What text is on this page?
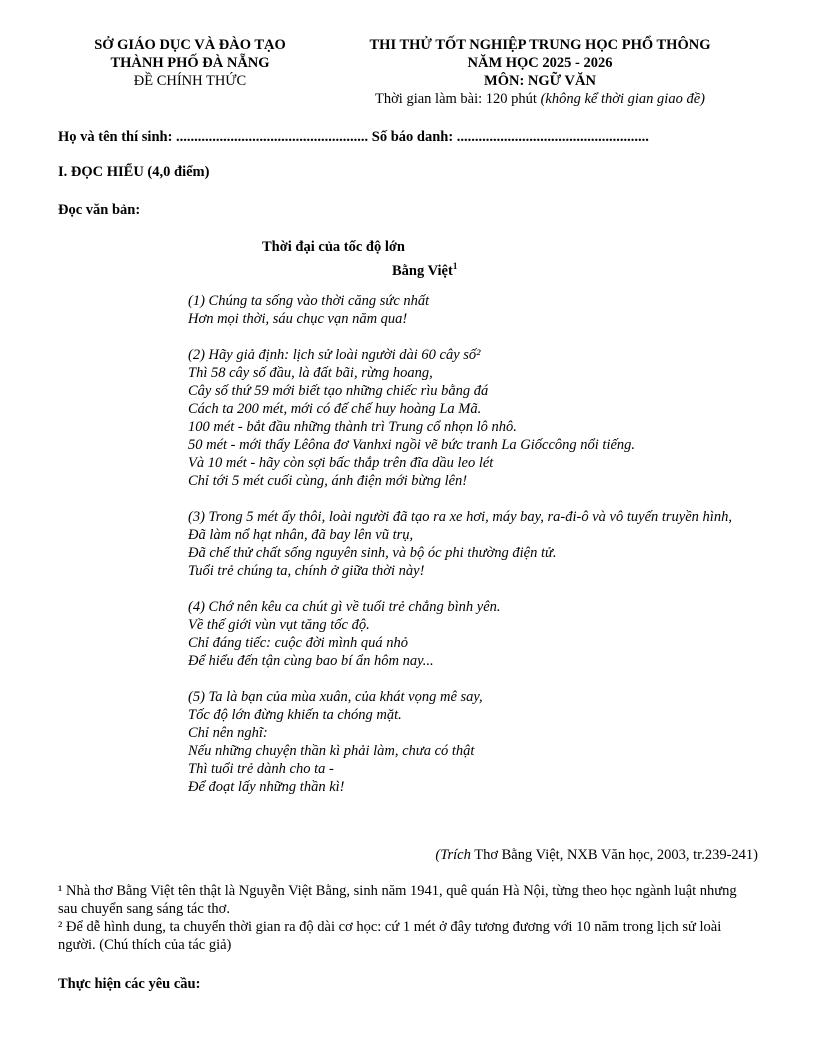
SỞ GIÁO DỤC VÀ ĐÀO TẠO
THÀNH PHỐ ĐÀ NẴNG
ĐỀ CHÍNH THỨC
THI THỬ TỐT NGHIỆP TRUNG HỌC PHỔ THÔNG
NĂM HỌC 2025 - 2026
MÔN: NGỮ VĂN
Thời gian làm bài: 120 phút (không kể thời gian giao đề)
Họ và tên thí sinh: ..................................................... Số báo danh: .....................................................
I. ĐỌC HIỂU (4,0 điểm)
Đọc văn bản:
Thời đại của tốc độ lớn
Bằng Việt$^1$
(1) Chúng ta sống vào thời căng sức nhất
Hơn mọi thời, sáu chục vạn năm qua!
(2) Hãy giả định: lịch sử loài người dài 60 cây số²
Thì 58 cây số đầu, là đất bãi, rừng hoang,
Cây số thứ 59 mới biết tạo những chiếc rìu bằng đá
Cách ta 200 mét, mới có đế chế huy hoàng La Mã.
100 mét - bắt đầu những thành trì Trung cổ nhọn lô nhô.
50 mét - mới thấy Lêôna đơ Vanhxi ngồi vẽ bức tranh La Giốccông nổi tiếng.
Và 10 mét - hãy còn sợi bấc thắp trên đĩa dầu leo lét
Chỉ tới 5 mét cuối cùng, ánh điện mới bừng lên!
(3) Trong 5 mét ấy thôi, loài người đã tạo ra xe hơi, máy bay, ra-đi-ô và vô tuyến truyền hình,
Đã làm nổ hạt nhân, đã bay lên vũ trụ,
Đã chế thử chất sống nguyên sinh, và bộ óc phi thường điện tử.
Tuổi trẻ chúng ta, chính ở giữa thời này!
(4) Chớ nên kêu ca chút gì về tuổi trẻ chẳng bình yên.
Về thế giới vùn vụt tăng tốc độ.
Chỉ đáng tiếc: cuộc đời mình quá nhỏ
Để hiểu đến tận cùng bao bí ẩn hôm nay...
(5) Ta là bạn của mùa xuân, của khát vọng mê say,
Tốc độ lớn đừng khiến ta chóng mặt.
Chỉ nên nghĩ:
Nếu những chuyện thần kì phải làm, chưa có thật
Thì tuổi trẻ dành cho ta -
Để đoạt lấy những thần kì!
(Trích Thơ Bằng Việt, NXB Văn học, 2003, tr.239-241)

¹ Nhà thơ Bằng Việt tên thật là Nguyễn Việt Bằng, sinh năm 1941, quê quán Hà Nội, từng theo học ngành luật nhưng sau chuyển sang sáng tác thơ.

² Để dễ hình dung, ta chuyển thời gian ra độ dài cơ học: cứ 1 mét ở đây tương đương với 10 năm trong lịch sử loài người. (Chú thích của tác giả)

Thực hiện các yêu cầu:
